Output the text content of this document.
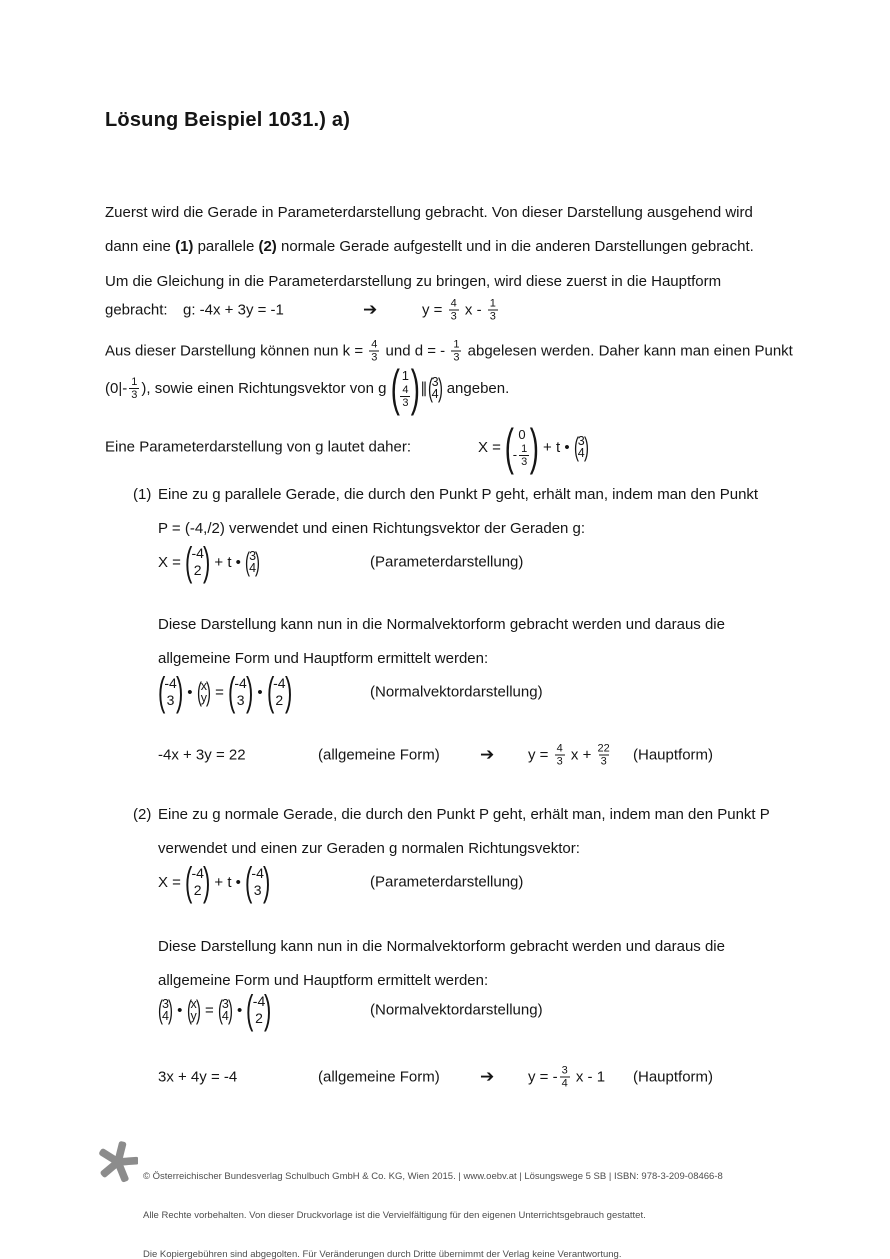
Lösung Beispiel 1031.) a)
Zuerst wird die Gerade in Parameterdarstellung gebracht. Von dieser Darstellung ausgehend wird
dann eine (1) parallele (2) normale Gerade aufgestellt und in die anderen Darstellungen gebracht.
Um die Gleichung in die Parameterdarstellung zu bringen, wird diese zuerst in die Hauptform
gebracht: g: -4x + 3y = -1	➔	$y = \frac{4}{3}$ x - $\frac{1}{3}$
Aus dieser Darstellung können nun $k = \frac{4}{3}$ und d = - $\frac{1}{3}$ abgelesen werden. Daher kann man einen Punkt
($0|- \frac{1}{3}$ ), sowie einen Richtungsvektor von g ( 1
$\frac{4}{3}$ ) ∥ ( 3
4 ) angeben.
Eine Parameterdarstellung von g lautet daher:	X = ( 0
- $\frac{1}{3}$ ) + t • ( 3
4 )
(1) Eine zu g parallele Gerade, die durch den Punkt P geht, erhält man, indem man den Punkt
P = (-4,/2) verwendet und einen Richtungsvektor der Geraden g:
X = (
-4
2 ) + t • ( 3
4 )	(Parameterdarstellung)
Diese Darstellung kann nun in die Normalvektorform gebracht werden und daraus die
allgemeine Form und Hauptform ermittelt werden:
(
-4
3 ) • ( x
y ) = (
-4
3 ) • (
-4
2 )	(Normalvektordarstellung)
-4x + 3y = 22	(allgemeine Form) ➔ $y = \frac{4}{3}$ $x + \frac{22}{3}$ (Hauptform)
(2) Eine zu g normale Gerade, die durch den Punkt P geht, erhält man, indem man den Punkt P
verwendet und einen zur Geraden g normalen Richtungsvektor:
X = (
-4
2 ) + t • (
-4
3 )	(Parameterdarstellung)
Diese Darstellung kann nun in die Normalvektorform gebracht werden und daraus die
allgemeine Form und Hauptform ermittelt werden:
( 3
4 ) • ( x
y ) = ( 3
4 ) • (
-4
2 )	(Normalvektordarstellung)
3x + 4y = -4	(allgemeine Form) ➔ y = - $\frac{3}{4}$ x - 1 (Hauptform)

© Österreichischer Bundesverlag Schulbuch GmbH & Co. KG, Wien 2015. | www.oebv.at | Lösungswege 5 SB | ISBN: 978-3-209-08466-8

Alle Rechte vorbehalten. Von dieser Druckvorlage ist die Vervielfältigung für den eigenen Unterrichtsgebrauch gestattet.

Die Kopiergebühren sind abgegolten. Für Veränderungen durch Dritte übernimmt der Verlag keine Verantwortung.
